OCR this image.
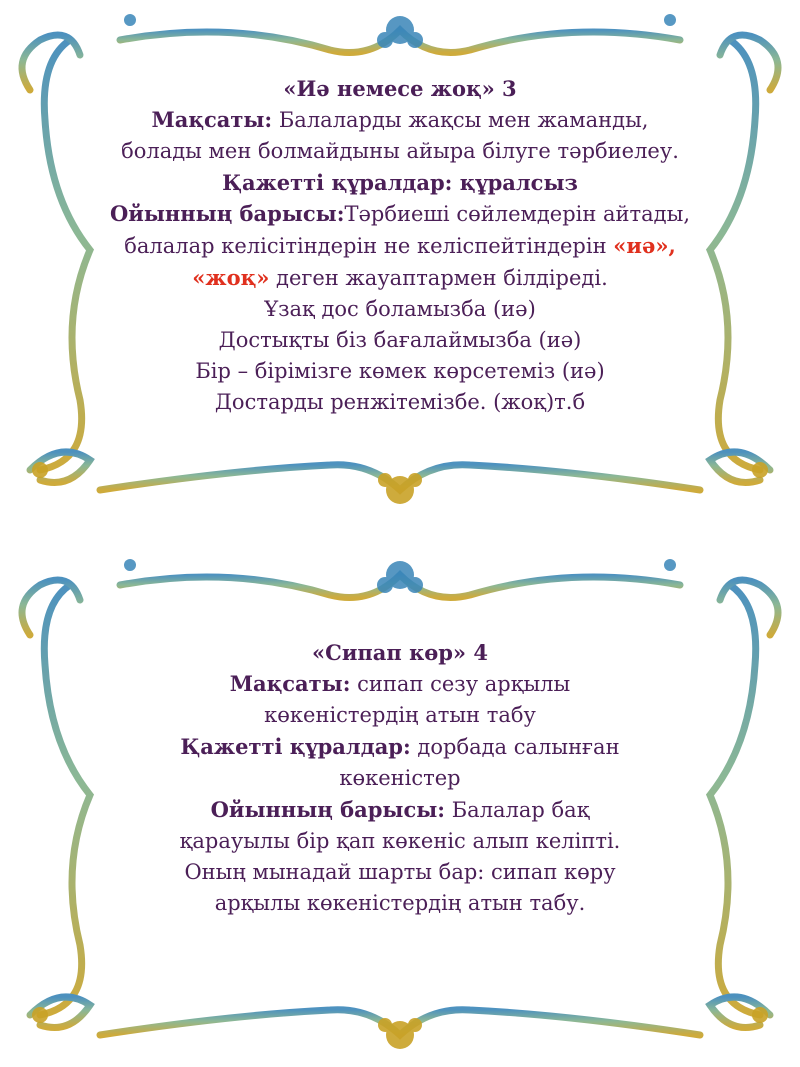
«Иә немесе жоқ» 3
Мақсаты: Балаларды жақсы мен жаманды,
болады мен болмайдыны айыра білуге тәрбиелеу.
Қажетті құралдар: құралсыз
Ойынның барысы:Тәрбиеші сөйлемдерін айтады,
балалар келісітіндерін не келіспейтіндерін «иә»,
«жоқ» деген жауаптармен білдіреді.
Ұзақ дос боламызба (иә)
Достықты біз бағалаймызба (иә)
Бір – бірімізге көмек көрсетеміз (иә)
Достарды ренжітемізбе. (жоқ)т.б
«Сипап көр» 4
Мақсаты: сипап сезу арқылы
көкеністердің атын табу
Қажетті құралдар: дорбада салынған
көкеністер
Ойынның барысы: Балалар бақ
қарауылы бір қап көкеніс алып келіпті.
Оның мынадай шарты бар: сипап көру
арқылы көкеністердің атын табу.
